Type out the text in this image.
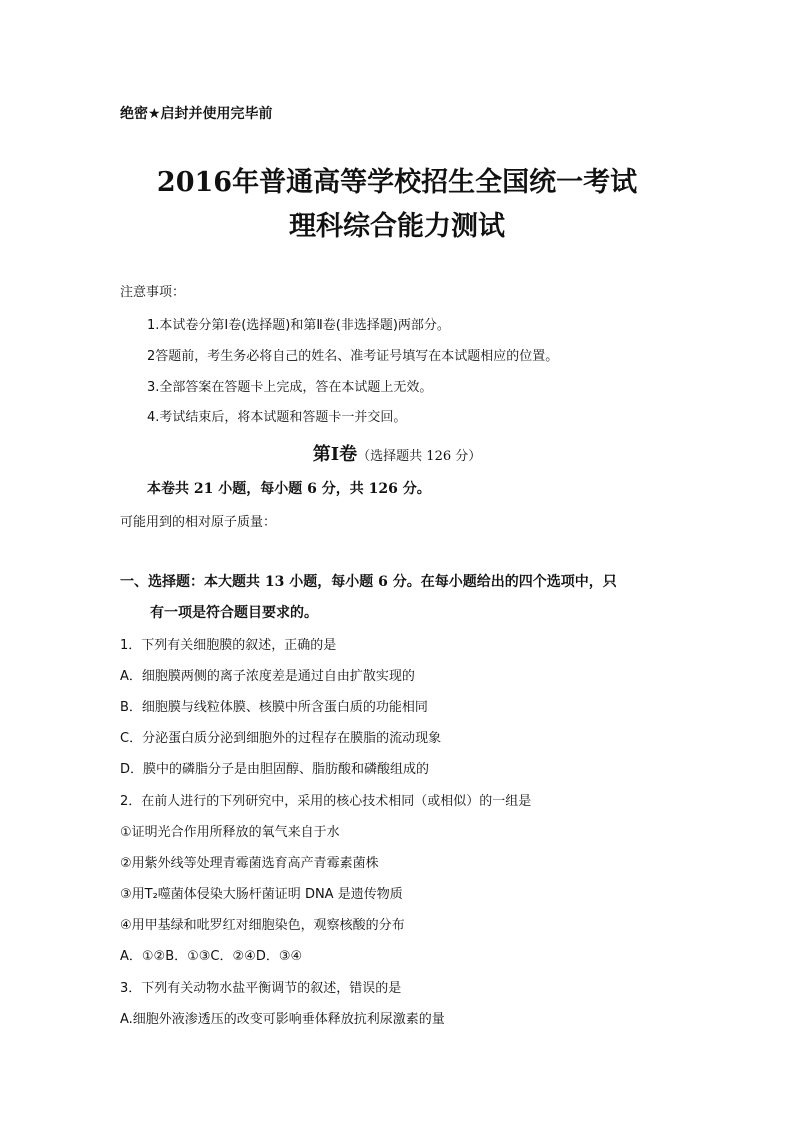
绝密★启封并使用完毕前
2016年普通高等学校招生全国统一考试
理科综合能力测试
注意事项：
1.本试卷分第Ⅰ卷(选择题)和第Ⅱ卷(非选择题)两部分。
2答题前，考生务必将自己的姓名、准考证号填写在本试题相应的位置。
3.全部答案在答题卡上完成，答在本试题上无效。
4.考试结束后，将本试题和答题卡一并交回。
第Ⅰ卷（选择题共 126 分）
本卷共 21 小题，每小题 6 分，共 126 分。
可能用到的相对原子质量：
一、选择题：本大题共 13 小题，每小题 6 分。在每小题给出的四个选项中，只
有一项是符合题目要求的。
1．下列有关细胞膜的叙述，正确的是
A．细胞膜两侧的离子浓度差是通过自由扩散实现的
B．细胞膜与线粒体膜、核膜中所含蛋白质的功能相同
C．分泌蛋白质分泌到细胞外的过程存在膜脂的流动现象
D．膜中的磷脂分子是由胆固醇、脂肪酸和磷酸组成的
2．在前人进行的下列研究中，采用的核心技术相同（或相似）的一组是
①证明光合作用所释放的氧气来自于水
②用紫外线等处理青霉菌选育高产青霉素菌株
③用T₂噬菌体侵染大肠杆菌证明 DNA 是遗传物质
④用甲基绿和吡罗红对细胞染色，观察核酸的分布
A．①②B．①③C．②④D．③④
3．下列有关动物水盐平衡调节的叙述，错误的是
A.细胞外液渗透压的改变可影响垂体释放抗利尿激素的量
